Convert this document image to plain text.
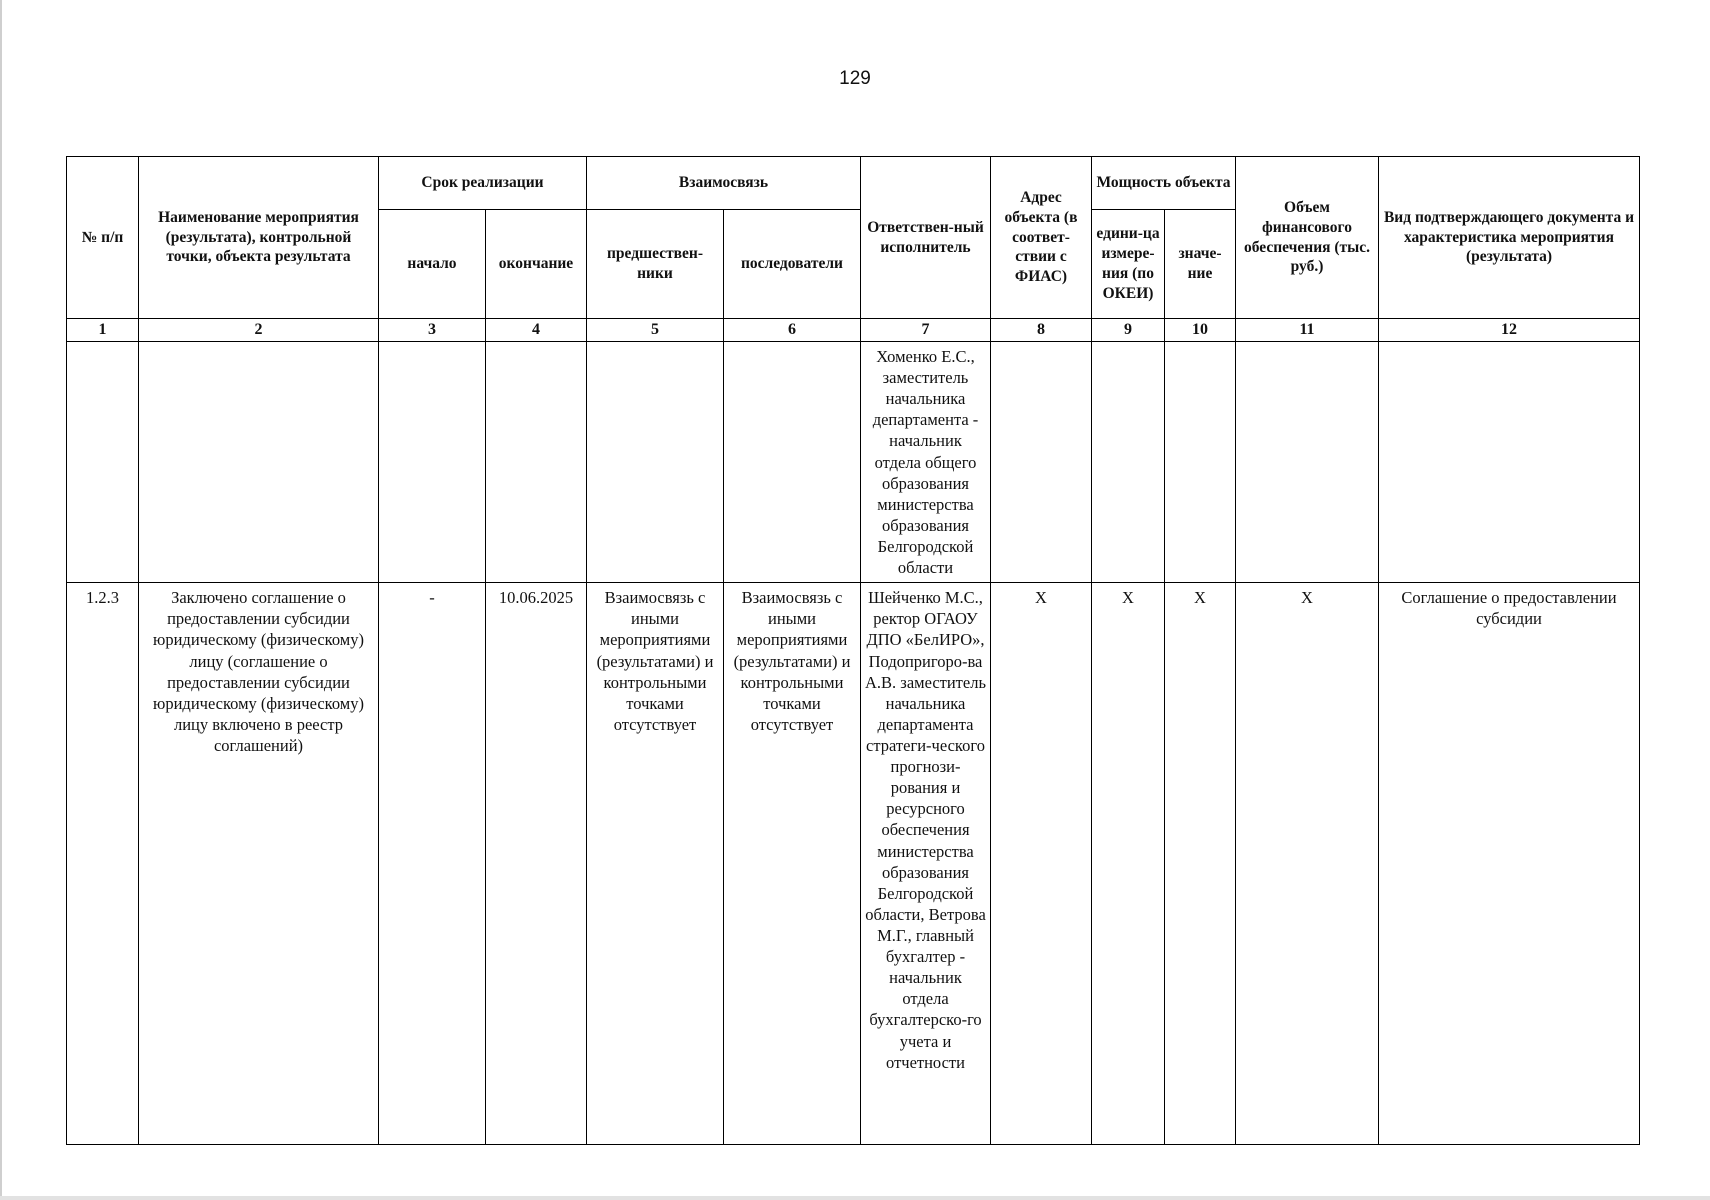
129
№ п/п	Наименование мероприятия (результата), контрольной точки, объекта результата	Срок реализации		Взаимосвязь		Ответствен-ный исполнитель	Адрес объекта (в соответ-ствии с ФИАС)	Мощность объекта		Объем финансового обеспечения (тыс. руб.)	Вид подтверждающего документа и характеристика мероприятия (результата)
		начало	окончание	предшествен-ники	последователи			едини-ца измере-ния (по ОКЕИ)	значе-ние		
1	2	3	4	5	6	7	8	9	10	11	12
						Хоменко Е.С., заместитель начальника департамента - начальник отдела общего образования министерства образования Белгородской области					
1.2.3	Заключено соглашение о предоставлении субсидии юридическому (физическому) лицу (соглашение о предоставлении субсидии юридическому (физическому) лицу включено в реестр соглашений)	-	10.06.2025	Взаимосвязь с иными мероприятиями (результатами) и контрольными точками отсутствует	Взаимосвязь с иными мероприятиями (результатами) и контрольными точками отсутствует	Шейченко М.С., ректор ОГАОУ ДПО «БелИРО», Подопригоро-ва А.В. заместитель начальника департамента стратеги-ческого прогнози-рования и ресурсного обеспечения министерства образования Белгородской области, Ветрова М.Г., главный бухгалтер - начальник отдела бухгалтерско-го учета и отчетности	X	X	X	X	Соглашение о предоставлении субсидии
